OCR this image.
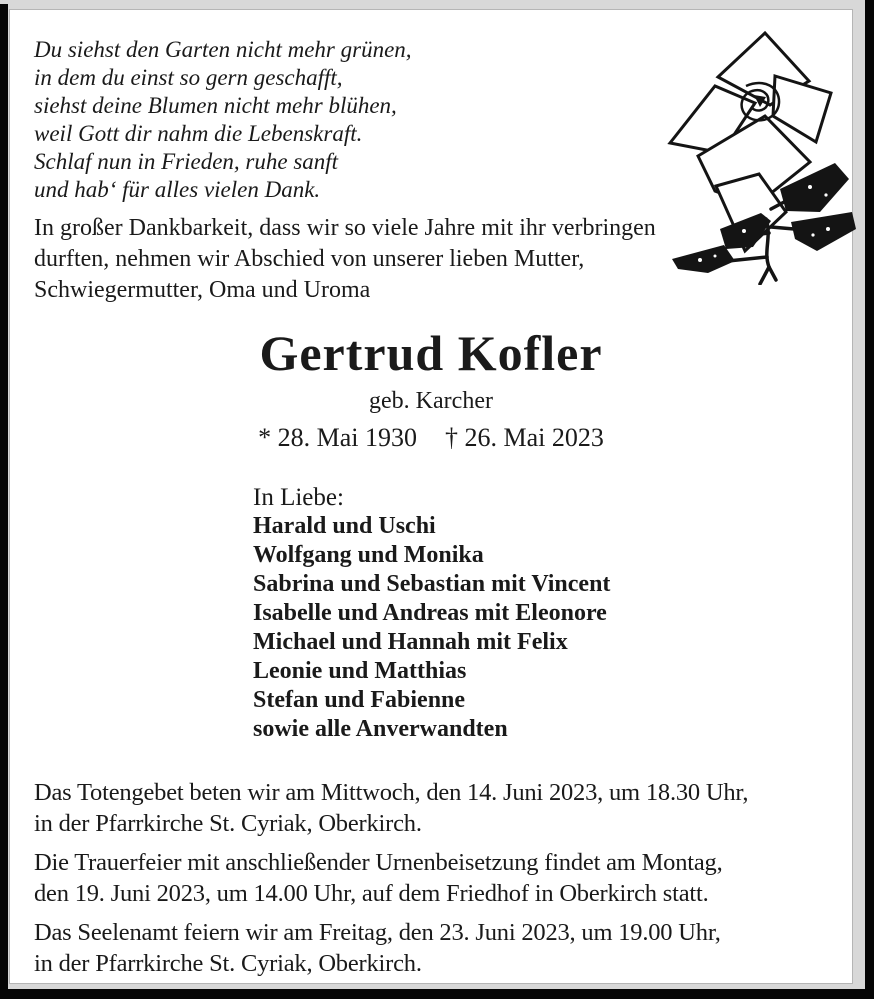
Du siehst den Garten nicht mehr grünen,
in dem du einst so gern geschafft,
siehst deine Blumen nicht mehr blühen,
weil Gott dir nahm die Lebenskraft.
Schlaf nun in Frieden, ruhe sanft
und hab‘ für alles vielen Dank.
In großer Dankbarkeit, dass wir so viele Jahre mit ihr verbringen
durften, nehmen wir Abschied von unserer lieben Mutter,
Schwiegermutter, Oma und Uroma
Gertrud Kofler
geb. Karcher
* 28. Mai 1930 † 26. Mai 2023
In Liebe:
Harald und Uschi
Wolfgang und Monika
Sabrina und Sebastian mit Vincent
Isabelle und Andreas mit Eleonore
Michael und Hannah mit Felix
Leonie und Matthias
Stefan und Fabienne
sowie alle Anverwandten
Das Totengebet beten wir am Mittwoch, den 14. Juni 2023, um 18.30 Uhr,
in der Pfarrkirche St. Cyriak, Oberkirch.
Die Trauerfeier mit anschließender Urnenbeisetzung findet am Montag,
den 19. Juni 2023, um 14.00 Uhr, auf dem Friedhof in Oberkirch statt.
Das Seelenamt feiern wir am Freitag, den 23. Juni 2023, um 19.00 Uhr,
in der Pfarrkirche St. Cyriak, Oberkirch.
